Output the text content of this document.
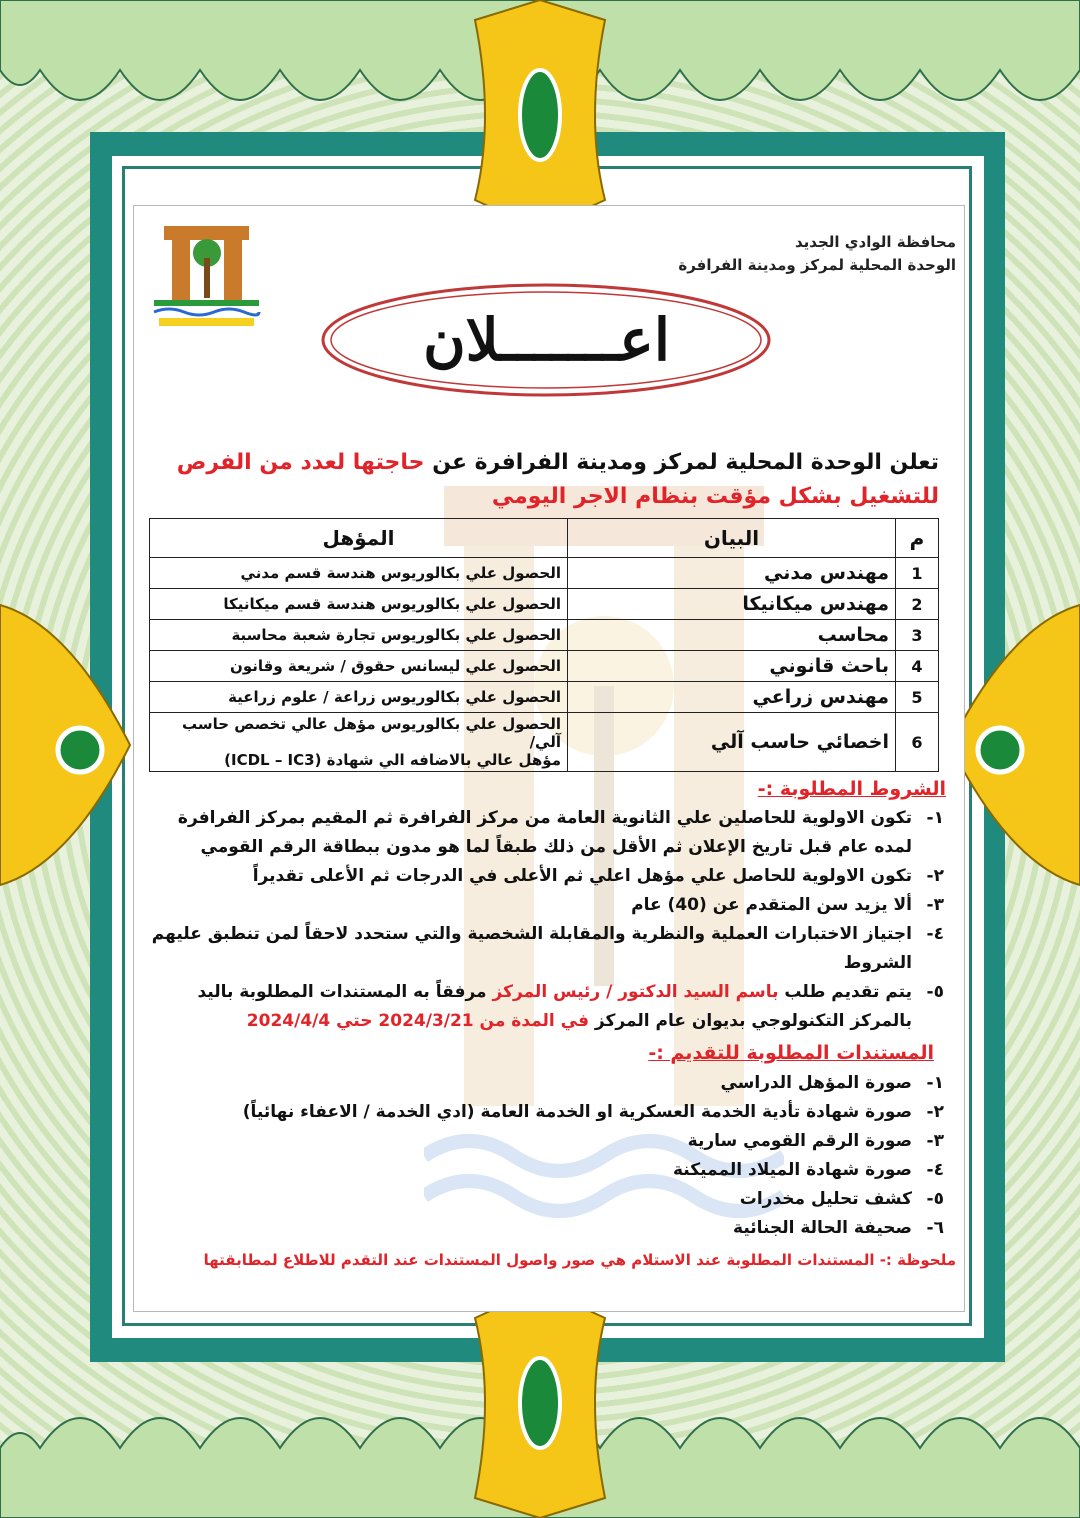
محافظة الوادي الجديد
الوحدة المحلية لمركز ومدينة الفرافرة
اعـــــــلان
تعلن الوحدة المحلية لمركز ومدينة الفرافرة عن حاجتها لعدد من الفرص
للتشغيل بشكل مؤقت بنظام الاجر اليومي
م	البيان	المؤهل
1	مهندس مدني	الحصول علي بكالوريوس هندسة قسم مدني
2	مهندس ميكانيكا	الحصول علي بكالوريوس هندسة قسم ميكانيكا
3	محاسب	الحصول علي بكالوريوس تجارة شعبة محاسبة
4	باحث قانوني	الحصول علي ليسانس حقوق / شريعة وقانون
5	مهندس زراعي	الحصول علي بكالوريوس زراعة / علوم زراعية
6	اخصائي حاسب آلي	الحصول علي بكالوريوس مؤهل عالي تخصص حاسب آلي/
مؤهل عالي بالاضافه الي شهادة (ICDL – IC3)
الشروط المطلوبة :-
١-
تكون الاولوية للحاصلين علي الثانوية العامة من مركز الفرافرة ثم المقيم بمركز الفرافرة لمده عام قبل تاريخ الإعلان ثم الأقل من ذلك طبقاً لما هو مدون ببطاقة الرقم القومي
٢-
تكون الاولوية للحاصل علي مؤهل اعلي ثم الأعلى في الدرجات ثم الأعلى تقديراً
٣-
ألا يزيد سن المتقدم عن (40) عام
٤-
اجتياز الاختبارات العملية والنظرية والمقابلة الشخصية والتي ستحدد لاحقاً لمن تنطبق عليهم الشروط
٥-
يتم تقديم طلب باسم السيد الدكتور / رئيس المركز مرفقاً به المستندات المطلوبة باليد بالمركز التكنولوجي بديوان عام المركز في المدة من 2024/3/21 حتي 2024/4/4
المستندات المطلوبة للتقديم :-
١-
صورة المؤهل الدراسي
٢-
صورة شهادة تأدية الخدمة العسكرية او الخدمة العامة (ادي الخدمة / الاعفاء نهائياً)
٣-
صورة الرقم القومي سارية
٤-
صورة شهادة الميلاد المميكنة
٥-
كشف تحليل مخدرات
٦-
صحيفة الحالة الجنائية
ملحوظة :- المستندات المطلوبة عند الاستلام هي صور واصول المستندات عند التقدم للاطلاع لمطابقتها
